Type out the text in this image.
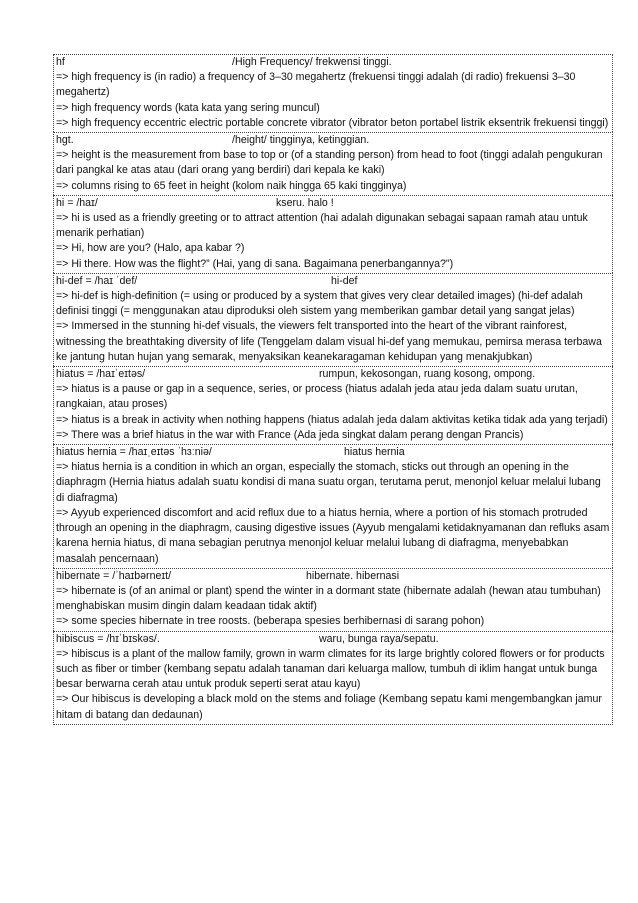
hf	/High Frequency/ frekwensi tinggi.
=> high frequency is (in radio) a frequency of 3–30 megahertz (frekuensi tinggi adalah (di radio) frekuensi 3–30 megahertz)
=> high frequency words (kata kata yang sering muncul)
=> high frequency eccentric electric portable concrete vibrator (vibrator beton portabel listrik eksentrik frekuensi tinggi)
hgt.	/height/ tingginya, ketinggian.
=> height is the measurement from base to top or (of a standing person) from head to foot (tinggi adalah pengukuran dari pangkal ke atas atau (dari orang yang berdiri) dari kepala ke kaki)
=> columns rising to 65 feet in height (kolom naik hingga 65 kaki tingginya)
hi = /haɪ/	kseru. halo !
=> hi is used as a friendly greeting or to attract attention (hai adalah digunakan sebagai sapaan ramah atau untuk menarik perhatian)
=> Hi, how are you? (Halo, apa kabar ?)
=> Hi there. How was the flight?” (Hai, yang di sana. Bagaimana penerbangannya?")
hi-def = /haɪ ˈdef/	hi-def
=> hi-def is high-definition (= using or produced by a system that gives very clear detailed images) (hi-def adalah definisi tinggi (= menggunakan atau diproduksi oleh sistem yang memberikan gambar detail yang sangat jelas)
=> Immersed in the stunning hi-def visuals, the viewers felt transported into the heart of the vibrant rainforest, witnessing the breathtaking diversity of life (Tenggelam dalam visual hi-def yang memukau, pemirsa merasa terbawa ke jantung hutan hujan yang semarak, menyaksikan keanekaragaman kehidupan yang menakjubkan)
hiatus = /haɪˈeɪtəs/	rumpun, kekosongan, ruang kosong, ompong.
=> hiatus is a pause or gap in a sequence, series, or process (hiatus adalah jeda atau jeda dalam suatu urutan, rangkaian, atau proses)
=> hiatus is a break in activity when nothing happens (hiatus adalah jeda dalam aktivitas ketika tidak ada yang terjadi)
=> There was a brief hiatus in the war with France (Ada jeda singkat dalam perang dengan Prancis)
hiatus hernia = /haɪˌeɪtəs ˈhɜːniə/	hiatus hernia
=> hiatus hernia is a condition in which an organ, especially the stomach, sticks out through an opening in the diaphragm (Hernia hiatus adalah suatu kondisi di mana suatu organ, terutama perut, menonjol keluar melalui lubang di diafragma)
=> Ayyub experienced discomfort and acid reflux due to a hiatus hernia, where a portion of his stomach protruded through an opening in the diaphragm, causing digestive issues (Ayyub mengalami ketidaknyamanan dan refluks asam karena hernia hiatus, di mana sebagian perutnya menonjol keluar melalui lubang di diafragma, menyebabkan masalah pencernaan)
hibernate = /ˈhaɪbərneɪt/	hibernate. hibernasi
=> hibernate is (of an animal or plant) spend the winter in a dormant state (hibernate adalah (hewan atau tumbuhan) menghabiskan musim dingin dalam keadaan tidak aktif)
=> some species hibernate in tree roosts. (beberapa spesies berhibernasi di sarang pohon)
hibiscus = /hɪˈbɪskəs/.	waru, bunga raya/sepatu.
=> hibiscus is a plant of the mallow family, grown in warm climates for its large brightly colored flowers or for products such as fiber or timber (kembang sepatu adalah tanaman dari keluarga mallow, tumbuh di iklim hangat untuk bunga besar berwarna cerah atau untuk produk seperti serat atau kayu)
=> Our hibiscus is developing a black mold on the stems and foliage (Kembang sepatu kami mengembangkan jamur hitam di batang dan dedaunan)
